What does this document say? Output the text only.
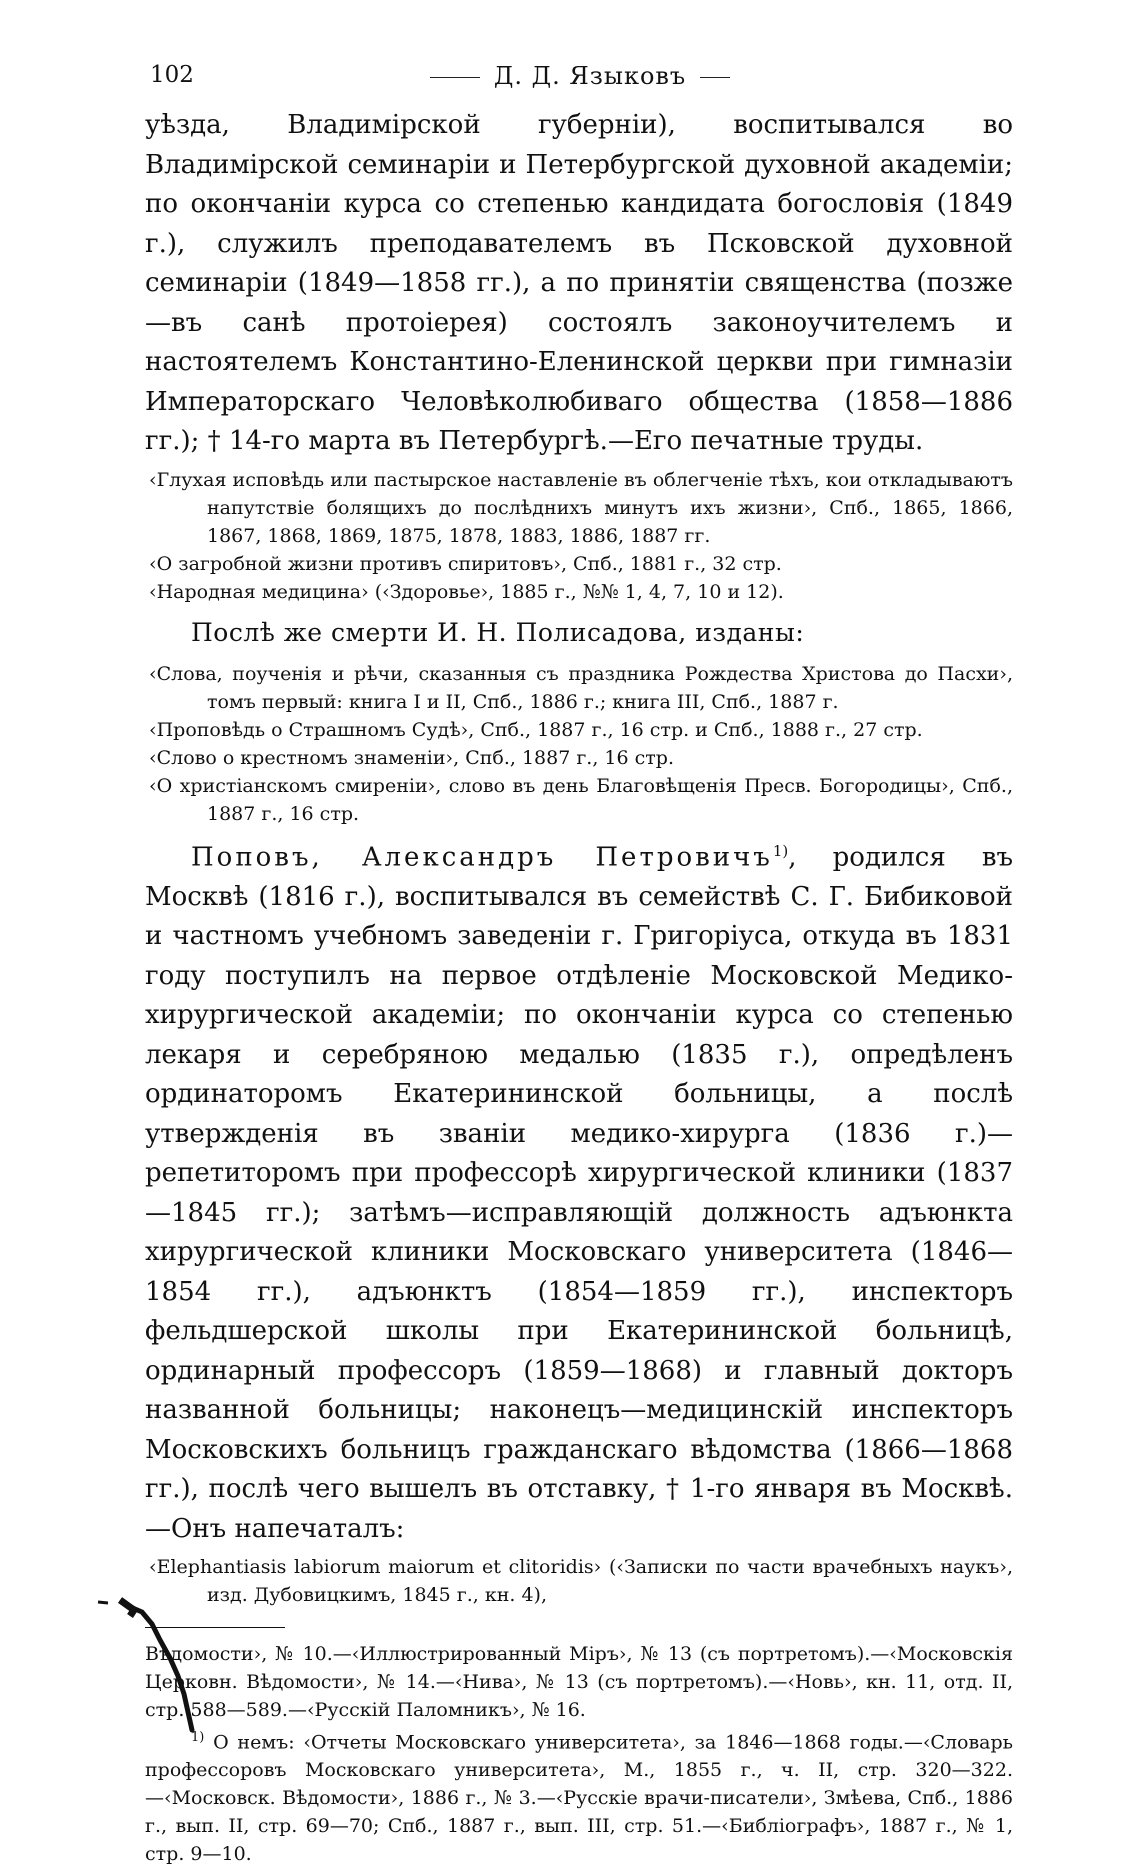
102	Д. Д. Языковъ

уѣзда, Владимірской губерніи), воспитывался во Владимірской семинаріи и Петербургской духовной академіи; по окончаніи курса со степенью кандидата богословія (1849 г.), служилъ преподавателемъ въ Псковской духовной семинаріи (1849—1858 гг.), а по принятіи священства (позже—въ санѣ протоіерея) состоялъ законоучителемъ и настоятелемъ Константино-Еленинской церкви при гимназіи Императорскаго Человѣколюбиваго общества (1858—1886 гг.); † 14-го марта въ Петербургѣ.—Его печатные труды.

‹Глухая исповѣдь или пастырское наставленіе въ облегченіе тѣхъ, кои откладываютъ напутствіе болящихъ до послѣднихъ минутъ ихъ жизни›, Спб., 1865, 1866, 1867, 1868, 1869, 1875, 1878, 1883, 1886, 1887 гг.

‹О загробной жизни противъ спиритовъ›, Спб., 1881 г., 32 стр.

‹Народная медицина› (‹Здоровье›, 1885 г., №№ 1, 4, 7, 10 и 12).

Послѣ же смерти И. Н. Полисадова, изданы:

‹Слова, поученія и рѣчи, сказанныя съ праздника Рождества Христова до Пасхи›, томъ первый: книга I и II, Спб., 1886 г.; книга III, Спб., 1887 г.

‹Проповѣдь о Страшномъ Судѣ›, Спб., 1887 г., 16 стр. и Спб., 1888 г., 27 стр.

‹Слово о крестномъ знаменіи›, Спб., 1887 г., 16 стр.

‹О христіанскомъ смиреніи›, слово въ день Благовѣщенія Пресв. Богородицы›, Спб., 1887 г., 16 стр.

Поповъ, Александръ Петровичъ$^{1)}$, родился въ Москвѣ (1816 г.), воспитывался въ семействѣ С. Г. Бибиковой и частномъ учебномъ заведеніи г. Григоріуса, откуда въ 1831 году поступилъ на первое отдѣленіе Московской Медико-хирургической академіи; по окончаніи курса со степенью лекаря и серебряною медалью (1835 г.), опредѣленъ ординаторомъ Екатерининской больницы, а послѣ утвержденія въ званіи медико-хирурга (1836 г.)—репетиторомъ при профессорѣ хирургической клиники (1837—1845 гг.); затѣмъ—исправляющій должность адъюнкта хирургической клиники Московскаго университета (1846—1854 гг.), адъюнктъ (1854—1859 гг.), инспекторъ фельдшерской школы при Екатерининской больницѣ, ординарный профессоръ (1859—1868) и главный докторъ названной больницы; наконецъ—медицинскій инспекторъ Московскихъ больницъ гражданскаго вѣдомства (1866—1868 гг.), послѣ чего вышелъ въ отставку, † 1-го января въ Москвѣ.—Онъ напечаталъ:

‹Elephantiasis labiorum maiorum et clitoridis› (‹Записки по части врачебныхъ наукъ›, изд. Дубовицкимъ, 1845 г., кн. 4),

Вѣдомости›, № 10.—‹Иллюстрированный Міръ›, № 13 (съ портретомъ).—‹Московскія Церковн. Вѣдомости›, № 14.—‹Нива›, № 13 (съ портретомъ).—‹Новь›, кн. 11, отд. II, стр. 588—589.—‹Русскій Паломникъ›, № 16.

$^{1)}$ О немъ: ‹Отчеты Московскаго университета›, за 1846—1868 годы.—‹Словарь профессоровъ Московскаго университета›, М., 1855 г., ч. II, стр. 320—322.—‹Московск. Вѣдомости›, 1886 г., № 3.—‹Русскіе врачи-писатели›, Змѣева, Спб., 1886 г., вып. II, стр. 69—70; Спб., 1887 г., вып. III, стр. 51.—‹Библіографъ›, 1887 г., № 1, стр. 9—10.
